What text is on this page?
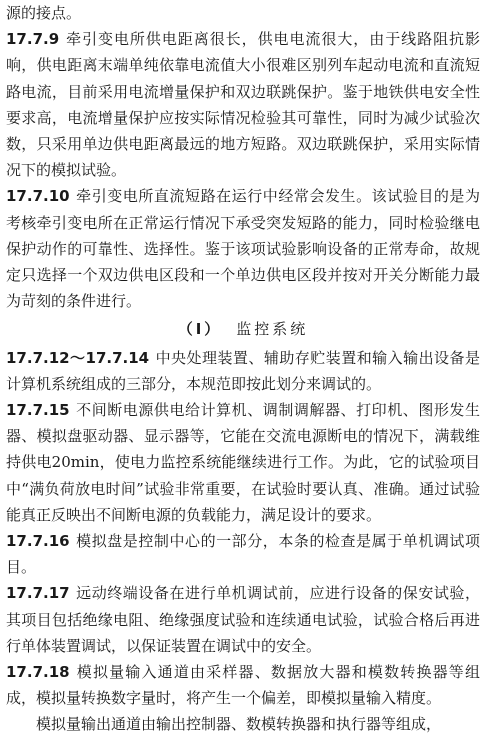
源的接点。

17.7.9 牵引变电所供电距离很长，供电电流很大，由于线路阻抗影响，供电距离末端单纯依靠电流值大小很难区别列车起动电流和直流短路电流，目前采用电流增量保护和双边联跳保护。鉴于地铁供电安全性要求高，电流增量保护应按实际情况检验其可靠性，同时为减少试验次数，只采用单边供电距离最远的地方短路。双边联跳保护，采用实际情况下的模拟试验。

17.7.10 牵引变电所直流短路在运行中经常会发生。该试验目的是为考核牵引变电所在正常运行情况下承受突发短路的能力，同时检验继电保护动作的可靠性、选择性。鉴于该项试验影响设备的正常寿命，故规定只选择一个双边供电区段和一个单边供电区段并按对开关分断能力最为苛刻的条件进行。

（Ⅰ） 监控系统

17.7.12～17.7.14 中央处理装置、辅助存贮装置和输入输出设备是计算机系统组成的三部分，本规范即按此划分来调试的。

17.7.15 不间断电源供电给计算机、调制调解器、打印机、图形发生器、模拟盘驱动器、显示器等，它能在交流电源断电的情况下，满载维持供电20min，使电力监控系统能继续进行工作。为此，它的试验项目中“满负荷放电时间”试验非常重要，在试验时要认真、准确。通过试验能真正反映出不间断电源的负载能力，满足设计的要求。

17.7.16 模拟盘是控制中心的一部分，本条的检查是属于单机调试项目。

17.7.17 远动终端设备在进行单机调试前，应进行设备的保安试验，其项目包括绝缘电阻、绝缘强度试验和连续通电试验，试验合格后再进行单体装置调试，以保证装置在调试中的安全。

17.7.18 模拟量输入通道由采样器、数据放大器和模数转换器等组成，模拟量转换数字量时，将产生一个偏差，即模拟量输入精度。

模拟量输出通道由输出控制器、数模转换器和执行器等组成，
